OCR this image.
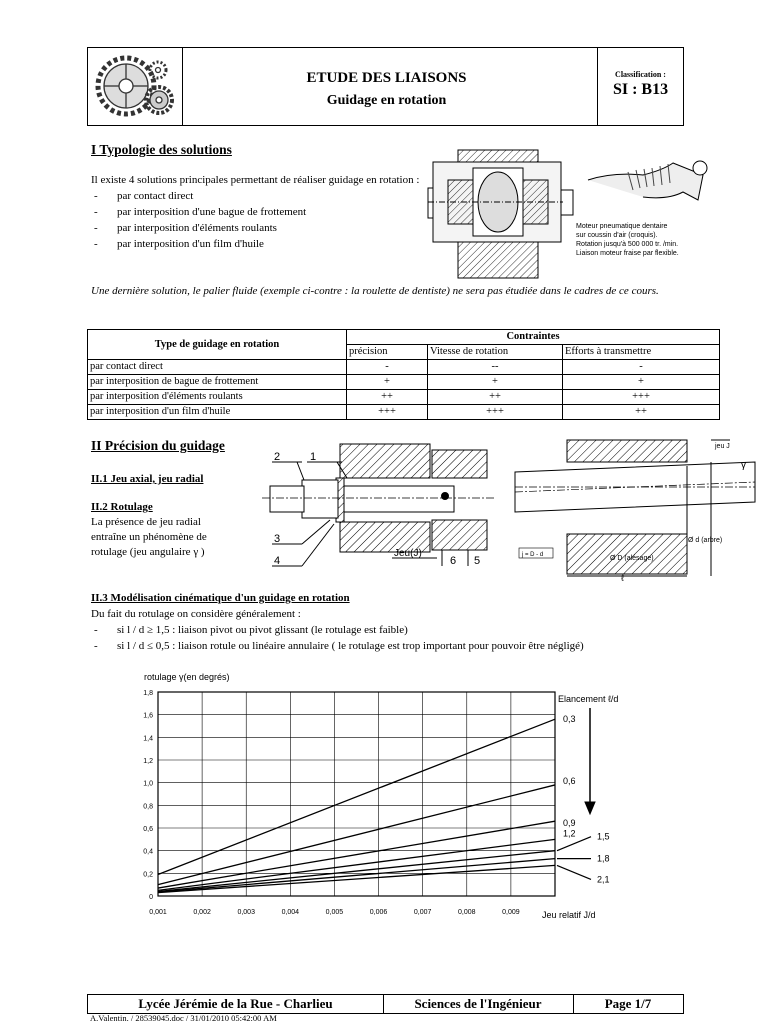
ETUDE DES LIAISONS
Guidage en rotation
Classification :
SI : B13
I Typologie des solutions
Il existe 4 solutions principales permettant de réaliser guidage en rotation :
- par contact direct
- par interposition d'une bague de frottement
- par interposition d'éléments roulants
- par interposition d'un film d'huile
Moteur pneumatique dentaire
sur coussin d'air (croquis).
Rotation jusqu'à 500 000 tr. /min.
Liaison moteur fraise par flexible.
Une dernière solution, le palier fluide (exemple ci-contre : la roulette de dentiste) ne sera pas étudiée dans le cadres de ce cours.
Type de guidage en rotation	Contraintes		
	précision	Vitesse de rotation	Efforts à transmettre
par contact direct	-	--	-
par interposition de bague de frottement	+	+	+
par interposition d'éléments roulants	++	++	+++
par interposition d'un film d'huile	+++	+++	++
II Précision du guidage
II.1 Jeu axial, jeu radial
II.2 Rotulage
La présence de jeu radial
entraîne un phénomène de
rotulage (jeu angulaire γ )
2	1
3
4
Jeu(J)
6 5
jeu J
γ
Ø d (arbre)
Ø D (alésage)
ℓ
j = D - d
II.3 Modélisation cinématique d'un guidage en rotation
Du fait du rotulage on considère généralement :
- si l / d ≥ 1,5 : liaison pivot ou pivot glissant (le rotulage est faible)
- si l / d ≤ 0,5 : liaison rotule ou linéaire annulaire ( le rotulage est trop important pour pouvoir être négligé)
rotulage γ(en degrés)
Jeu relatif J/d
Elancement ℓ/d
0
0,2
0,4
0,6
0,8
1,0
1,2
1,4
1,6
1,8
0,001	0,002	0,003	0,004	0,005	0,006	0,007	0,008	0,009
0,3
0,6
0,9
1,2 1,5
1,8
2,1
Lycée Jérémie de la Rue - Charlieu	Sciences de l'Ingénieur	Page 1/7
A.Valentin. / 28539045.doc / 31/01/2010 05:42:00 AM
